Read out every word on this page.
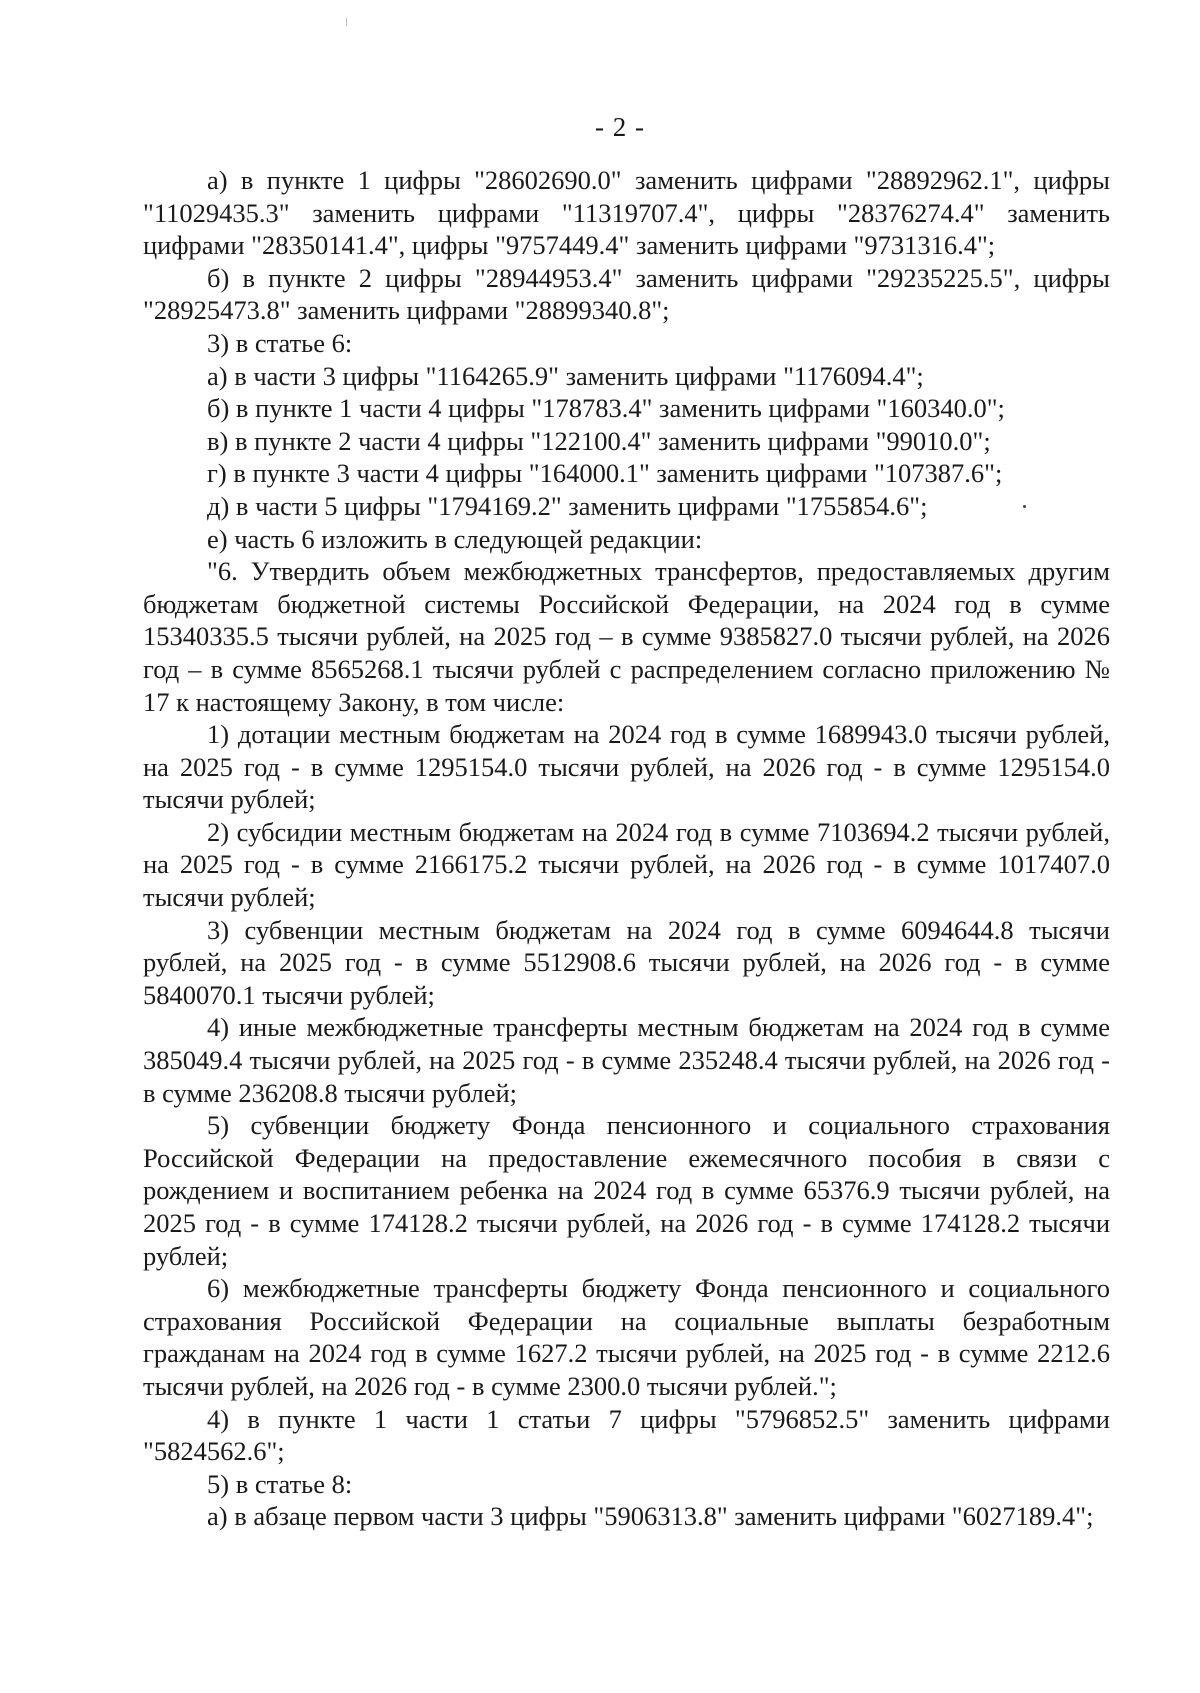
- 2 -

а) в пункте 1 цифры "28602690.0" заменить цифрами "28892962.1", цифры "11029435.3" заменить цифрами "11319707.4", цифры "28376274.4" заменить цифрами "28350141.4", цифры "9757449.4" заменить цифрами "9731316.4";

б) в пункте 2 цифры "28944953.4" заменить цифрами "29235225.5", цифры "28925473.8" заменить цифрами "28899340.8";

3) в статье 6:

а) в части 3 цифры "1164265.9" заменить цифрами "1176094.4";

б) в пункте 1 части 4 цифры "178783.4" заменить цифрами "160340.0";

в) в пункте 2 части 4 цифры "122100.4" заменить цифрами "99010.0";

г) в пункте 3 части 4 цифры "164000.1" заменить цифрами "107387.6";

д) в части 5 цифры "1794169.2" заменить цифрами "1755854.6";

е) часть 6 изложить в следующей редакции:

"6. Утвердить объем межбюджетных трансфертов, предоставляемых другим бюджетам бюджетной системы Российской Федерации, на 2024 год в сумме 15340335.5 тысячи рублей, на 2025 год – в сумме 9385827.0 тысячи рублей, на 2026 год – в сумме 8565268.1 тысячи рублей с распределением согласно приложению № 17 к настоящему Закону, в том числе:

1) дотации местным бюджетам на 2024 год в сумме 1689943.0 тысячи рублей, на 2025 год - в сумме 1295154.0 тысячи рублей, на 2026 год - в сумме 1295154.0 тысячи рублей;

2) субсидии местным бюджетам на 2024 год в сумме 7103694.2 тысячи рублей, на 2025 год - в сумме 2166175.2 тысячи рублей, на 2026 год - в сумме 1017407.0 тысячи рублей;

3) субвенции местным бюджетам на 2024 год в сумме 6094644.8 тысячи рублей, на 2025 год - в сумме 5512908.6 тысячи рублей, на 2026 год - в сумме 5840070.1 тысячи рублей;

4) иные межбюджетные трансферты местным бюджетам на 2024 год в сумме 385049.4 тысячи рублей, на 2025 год - в сумме 235248.4 тысячи рублей, на 2026 год - в сумме 236208.8 тысячи рублей;

5) субвенции бюджету Фонда пенсионного и социального страхования Российской Федерации на предоставление ежемесячного пособия в связи с рождением и воспитанием ребенка на 2024 год в сумме 65376.9 тысячи рублей, на 2025 год - в сумме 174128.2 тысячи рублей, на 2026 год - в сумме 174128.2 тысячи рублей;

6) межбюджетные трансферты бюджету Фонда пенсионного и социального страхования Российской Федерации на социальные выплаты безработным гражданам на 2024 год в сумме 1627.2 тысячи рублей, на 2025 год - в сумме 2212.6 тысячи рублей, на 2026 год - в сумме 2300.0 тысячи рублей.";

4) в пункте 1 части 1 статьи 7 цифры "5796852.5" заменить цифрами "5824562.6";

5) в статье 8:

а) в абзаце первом части 3 цифры "5906313.8" заменить цифрами "6027189.4";
